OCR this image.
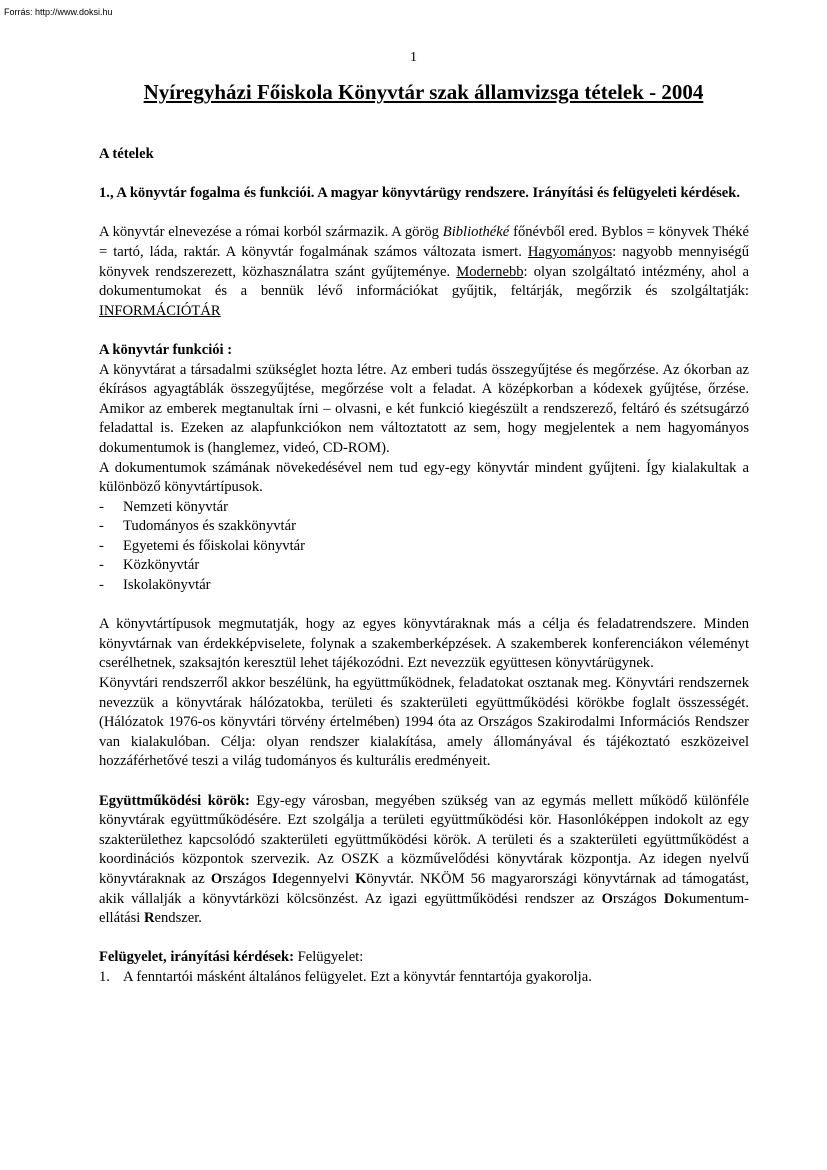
Forrás: http://www.doksi.hu
1
Nyíregyházi Főiskola Könyvtár szak államvizsga tételek - 2004

A tételek

1., A könyvtár fogalma és funkciói. A magyar könyvtárügy rendszere. Irányítási és felügyeleti kérdések.

A könyvtár elnevezése a római korból származik. A görög Bibliothéké főnévből ered. Byblos = könyvek Théké = tartó, láda, raktár. A könyvtár fogalmának számos változata ismert. Hagyományos: nagyobb mennyiségű könyvek rendszerezett, közhasználatra szánt gyűjteménye. Modernebb: olyan szolgáltató intézmény, ahol a dokumentumokat és a bennük lévő információkat gyűjtik, feltárják, megőrzik és szolgáltatják: INFORMÁCIÓTÁR

A könyvtár funkciói :

A könyvtárat a társadalmi szükséglet hozta létre. Az emberi tudás összegyűjtése és megőrzése. Az ókorban az ékírásos agyagtáblák összegyűjtése, megőrzése volt a feladat. A középkorban a kódexek gyűjtése, őrzése. Amikor az emberek megtanultak írni – olvasni, e két funkció kiegészült a rendszerező, feltáró és szétsugárzó feladattal is. Ezeken az alapfunkciókon nem változtatott az sem, hogy megjelentek a nem hagyományos dokumentumok is (hanglemez, videó, CD-ROM).

A dokumentumok számának növekedésével nem tud egy-egy könyvtár mindent gyűjteni. Így kialakultak a különböző könyvtártípusok.

- Nemzeti könyvtár
- Tudományos és szakkönyvtár
- Egyetemi és főiskolai könyvtár
- Közkönyvtár
- Iskolakönyvtár

A könyvtártípusok megmutatják, hogy az egyes könyvtáraknak más a célja és feladatrendszere. Minden könyvtárnak van érdekképviselete, folynak a szakemberképzések. A szakemberek konferenciákon véleményt cserélhetnek, szaksajtón keresztül lehet tájékozódni. Ezt nevezzük együttesen könyvtárügynek.

Könyvtári rendszerről akkor beszélünk, ha együttműködnek, feladatokat osztanak meg. Könyvtári rendszernek nevezzük a könyvtárak hálózatokba, területi és szakterületi együttműködési körökbe foglalt összességét. (Hálózatok 1976-os könyvtári törvény értelmében) 1994 óta az Országos Szakirodalmi Információs Rendszer van kialakulóban. Célja: olyan rendszer kialakítása, amely állományával és tájékoztató eszközeivel hozzáférhetővé teszi a világ tudományos és kulturális eredményeit.

Együttműködési körök: Egy-egy városban, megyében szükség van az egymás mellett működő különféle könyvtárak együttműködésére. Ezt szolgálja a területi együttműködési kör. Hasonlóképpen indokolt az egy szakterülethez kapcsolódó szakterületi együttműködési körök. A területi és a szakterületi együttműködést a koordinációs központok szervezik. Az OSZK a közművelődési könyvtárak központja. Az idegen nyelvű könyvtáraknak az Országos Idegennyelvi Könyvtár. NKÖM 56 magyarországi könyvtárnak ad támogatást, akik vállalják a könyvtárközi kölcsönzést. Az igazi együttműködési rendszer az Országos Dokumentum- ellátási Rendszer.

Felügyelet, irányítási kérdések: Felügyelet:

1. A fenntartói másként általános felügyelet. Ezt a könyvtár fenntartója gyakorolja.
